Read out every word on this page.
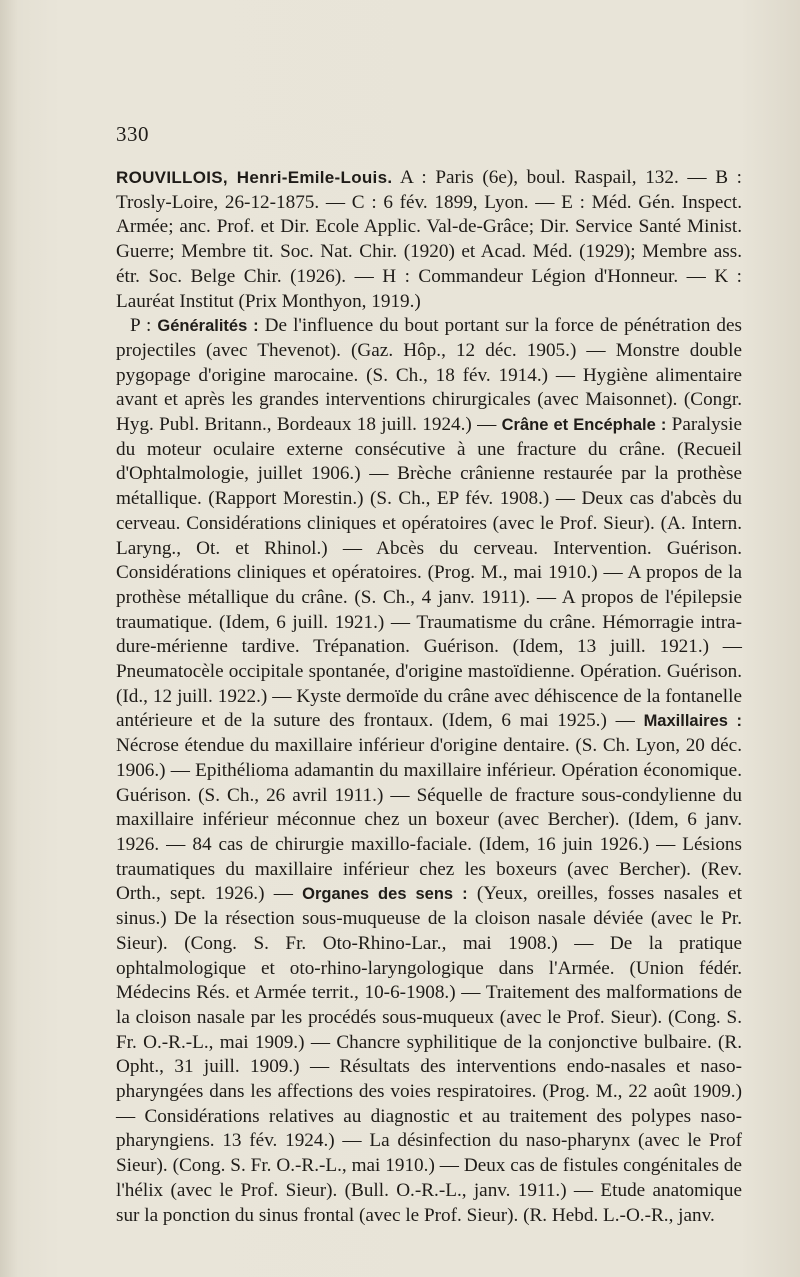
330

ROUVILLOIS, Henri-Emile-Louis. A : Paris (6e), boul. Raspail, 132. — B : Trosly-Loire, 26-12-1875. — C : 6 fév. 1899, Lyon. — E : Méd. Gén. Inspect. Armée; anc. Prof. et Dir. Ecole Applic. Val-de-Grâce; Dir. Service Santé Minist. Guerre; Membre tit. Soc. Nat. Chir. (1920) et Acad. Méd. (1929); Membre ass. étr. Soc. Belge Chir. (1926). — H : Commandeur Légion d'Honneur. — K : Lauréat Institut (Prix Monthyon, 1919.)

P : Généralités : De l'influence du bout portant sur la force de pénétration des projectiles (avec Thevenot). (Gaz. Hôp., 12 déc. 1905.) — Monstre double pygopage d'origine marocaine. (S. Ch., 18 fév. 1914.) — Hygiène alimentaire avant et après les grandes interventions chirurgicales (avec Maisonnet). (Congr. Hyg. Publ. Britann., Bordeaux 18 juill. 1924.) — Crâne et Encéphale : Paralysie du moteur oculaire externe consécutive à une fracture du crâne. (Recueil d'Ophtalmologie, juillet 1906.) — Brèche crânienne restaurée par la prothèse métallique. (Rapport Morestin.) (S. Ch., EP fév. 1908.) — Deux cas d'abcès du cerveau. Considérations cliniques et opératoires (avec le Prof. Sieur). (A. Intern. Laryng., Ot. et Rhinol.) — Abcès du cerveau. Intervention. Guérison. Considérations cliniques et opératoires. (Prog. M., mai 1910.) — A propos de la prothèse métallique du crâne. (S. Ch., 4 janv. 1911). — A propos de l'épilepsie traumatique. (Idem, 6 juill. 1921.) — Traumatisme du crâne. Hémorragie intra-dure-mérienne tardive. Trépanation. Guérison. (Idem, 13 juill. 1921.) — Pneumatocèle occipitale spontanée, d'origine mastoïdienne. Opération. Guérison. (Id., 12 juill. 1922.) — Kyste dermoïde du crâne avec déhiscence de la fontanelle antérieure et de la suture des frontaux. (Idem, 6 mai 1925.) — Maxillaires : Nécrose étendue du maxillaire inférieur d'origine dentaire. (S. Ch. Lyon, 20 déc. 1906.) — Epithélioma adamantin du maxillaire inférieur. Opération économique. Guérison. (S. Ch., 26 avril 1911.) — Séquelle de fracture sous-condylienne du maxillaire inférieur méconnue chez un boxeur (avec Bercher). (Idem, 6 janv. 1926. — 84 cas de chirurgie maxillo-faciale. (Idem, 16 juin 1926.) — Lésions traumatiques du maxillaire inférieur chez les boxeurs (avec Bercher). (Rev. Orth., sept. 1926.) — Organes des sens : (Yeux, oreilles, fosses nasales et sinus.) De la résection sous-muqueuse de la cloison nasale déviée (avec le Pr. Sieur). (Cong. S. Fr. Oto-Rhino-Lar., mai 1908.) — De la pratique ophtalmologique et oto-rhino-laryngologique dans l'Armée. (Union fédér. Médecins Rés. et Armée territ., 10-6-1908.) — Traitement des malformations de la cloison nasale par les procédés sous-muqueux (avec le Prof. Sieur). (Cong. S. Fr. O.-R.-L., mai 1909.) — Chancre syphilitique de la conjonctive bulbaire. (R. Opht., 31 juill. 1909.) — Résultats des interventions endo-nasales et naso-pharyngées dans les affections des voies respiratoires. (Prog. M., 22 août 1909.) — Considérations relatives au diagnostic et au traitement des polypes naso-pharyngiens. 13 fév. 1924.) — La désinfection du naso-pharynx (avec le Prof Sieur). (Cong. S. Fr. O.-R.-L., mai 1910.) — Deux cas de fistules congénitales de l'hélix (avec le Prof. Sieur). (Bull. O.-R.-L., janv. 1911.) — Etude anatomique sur la ponction du sinus frontal (avec le Prof. Sieur). (R. Hebd. L.-O.-R., janv.
